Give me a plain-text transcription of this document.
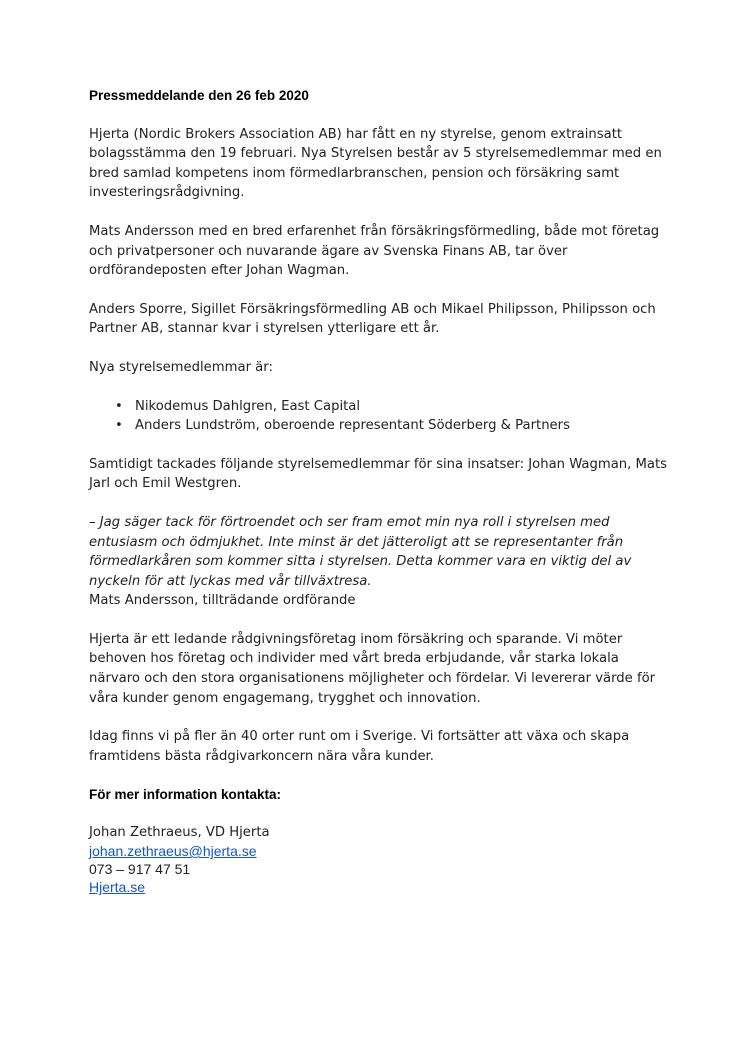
Pressmeddelande den 26 feb 2020

Hjerta (Nordic Brokers Association AB) har fått en ny styrelse, genom extrainsatt bolagsstämma den 19 februari. Nya Styrelsen består av 5 styrelsemedlemmar med en bred samlad kompetens inom förmedlarbranschen, pension och försäkring samt investeringsrådgivning.

Mats Andersson med en bred erfarenhet från försäkringsförmedling, både mot företag och privatpersoner och nuvarande ägare av Svenska Finans AB, tar över ordförandeposten efter Johan Wagman.

Anders Sporre, Sigillet Försäkringsförmedling AB och Mikael Philipsson, Philipsson och Partner AB, stannar kvar i styrelsen ytterligare ett år.

Nya styrelsemedlemmar är:

• Nikodemus Dahlgren, East Capital
• Anders Lundström, oberoende representant Söderberg & Partners

Samtidigt tackades följande styrelsemedlemmar för sina insatser: Johan Wagman, Mats Jarl och Emil Westgren.

– Jag säger tack för förtroendet och ser fram emot min nya roll i styrelsen med entusiasm och ödmjukhet. Inte minst är det jätteroligt att se representanter från förmedlarkåren som kommer sitta i styrelsen. Detta kommer vara en viktig del av nyckeln för att lyckas med vår tillväxtresa.

Mats Andersson, tillträdande ordförande

Hjerta är ett ledande rådgivningsföretag inom försäkring och sparande. Vi möter behoven hos företag och individer med vårt breda erbjudande, vår starka lokala närvaro och den stora organisationens möjligheter och fördelar. Vi levererar värde för våra kunder genom engagemang, trygghet och innovation.

Idag finns vi på fler än 40 orter runt om i Sverige. Vi fortsätter att växa och skapa framtidens bästa rådgivarkoncern nära våra kunder.

För mer information kontakta:

Johan Zethraeus, VD Hjerta
johan.zethraeus@hjerta.se
073 – 917 47 51
Hjerta.se
